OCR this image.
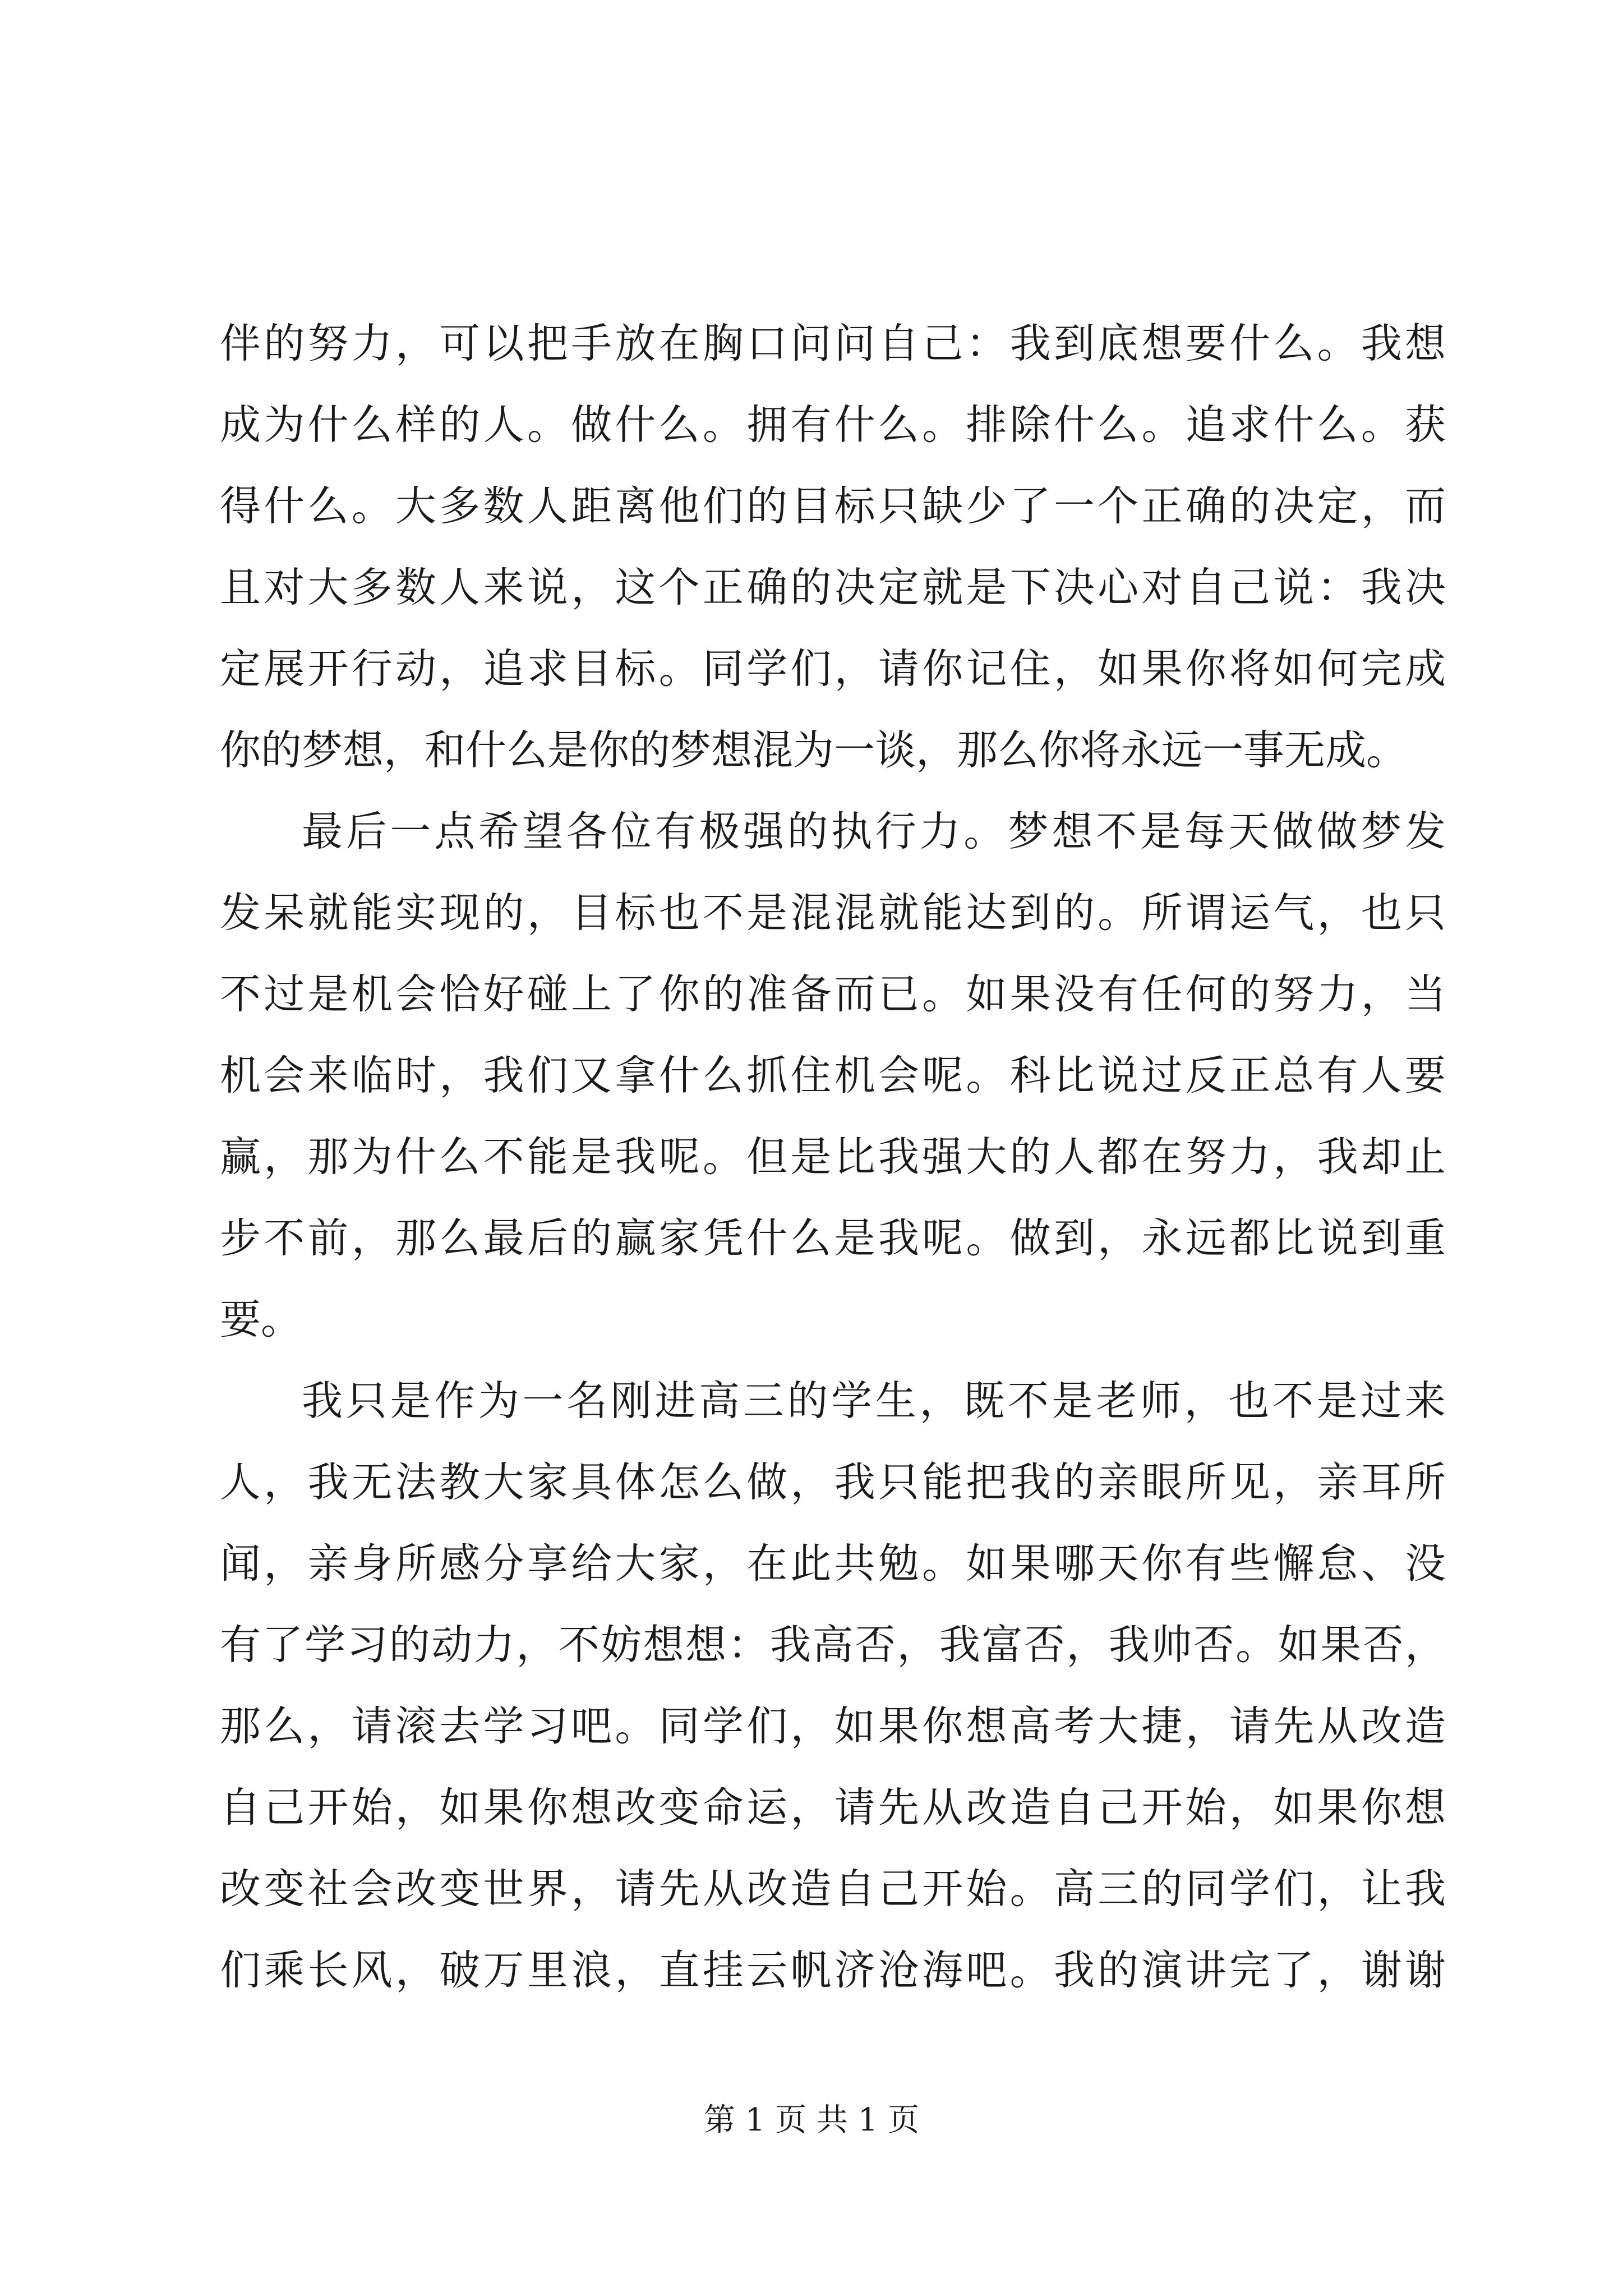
伴的努力，可以把手放在胸口问问自己：我到底想要什么。我想
成为什么样的人。做什么。拥有什么。排除什么。追求什么。获
得什么。大多数人距离他们的目标只缺少了一个正确的决定，而
且对大多数人来说，这个正确的决定就是下决心对自己说：我决
定展开行动，追求目标。同学们，请你记住，如果你将如何完成
你的梦想，和什么是你的梦想混为一谈，那么你将永远一事无成。
最后一点希望各位有极强的执行力。梦想不是每天做做梦发
发呆就能实现的，目标也不是混混就能达到的。所谓运气，也只
不过是机会恰好碰上了你的准备而已。如果没有任何的努力，当
机会来临时，我们又拿什么抓住机会呢。科比说过反正总有人要
赢，那为什么不能是我呢。但是比我强大的人都在努力，我却止
步不前，那么最后的赢家凭什么是我呢。做到，永远都比说到重
要。
我只是作为一名刚进高三的学生，既不是老师，也不是过来
人，我无法教大家具体怎么做，我只能把我的亲眼所见，亲耳所
闻，亲身所感分享给大家，在此共勉。如果哪天你有些懈怠、没
有了学习的动力，不妨想想：我高否，我富否，我帅否。如果否，
那么，请滚去学习吧。同学们，如果你想高考大捷，请先从改造
自己开始，如果你想改变命运，请先从改造自己开始，如果你想
改变社会改变世界，请先从改造自己开始。高三的同学们，让我
们乘长风，破万里浪，直挂云帆济沧海吧。我的演讲完了，谢谢
第 1 页 共 1 页
